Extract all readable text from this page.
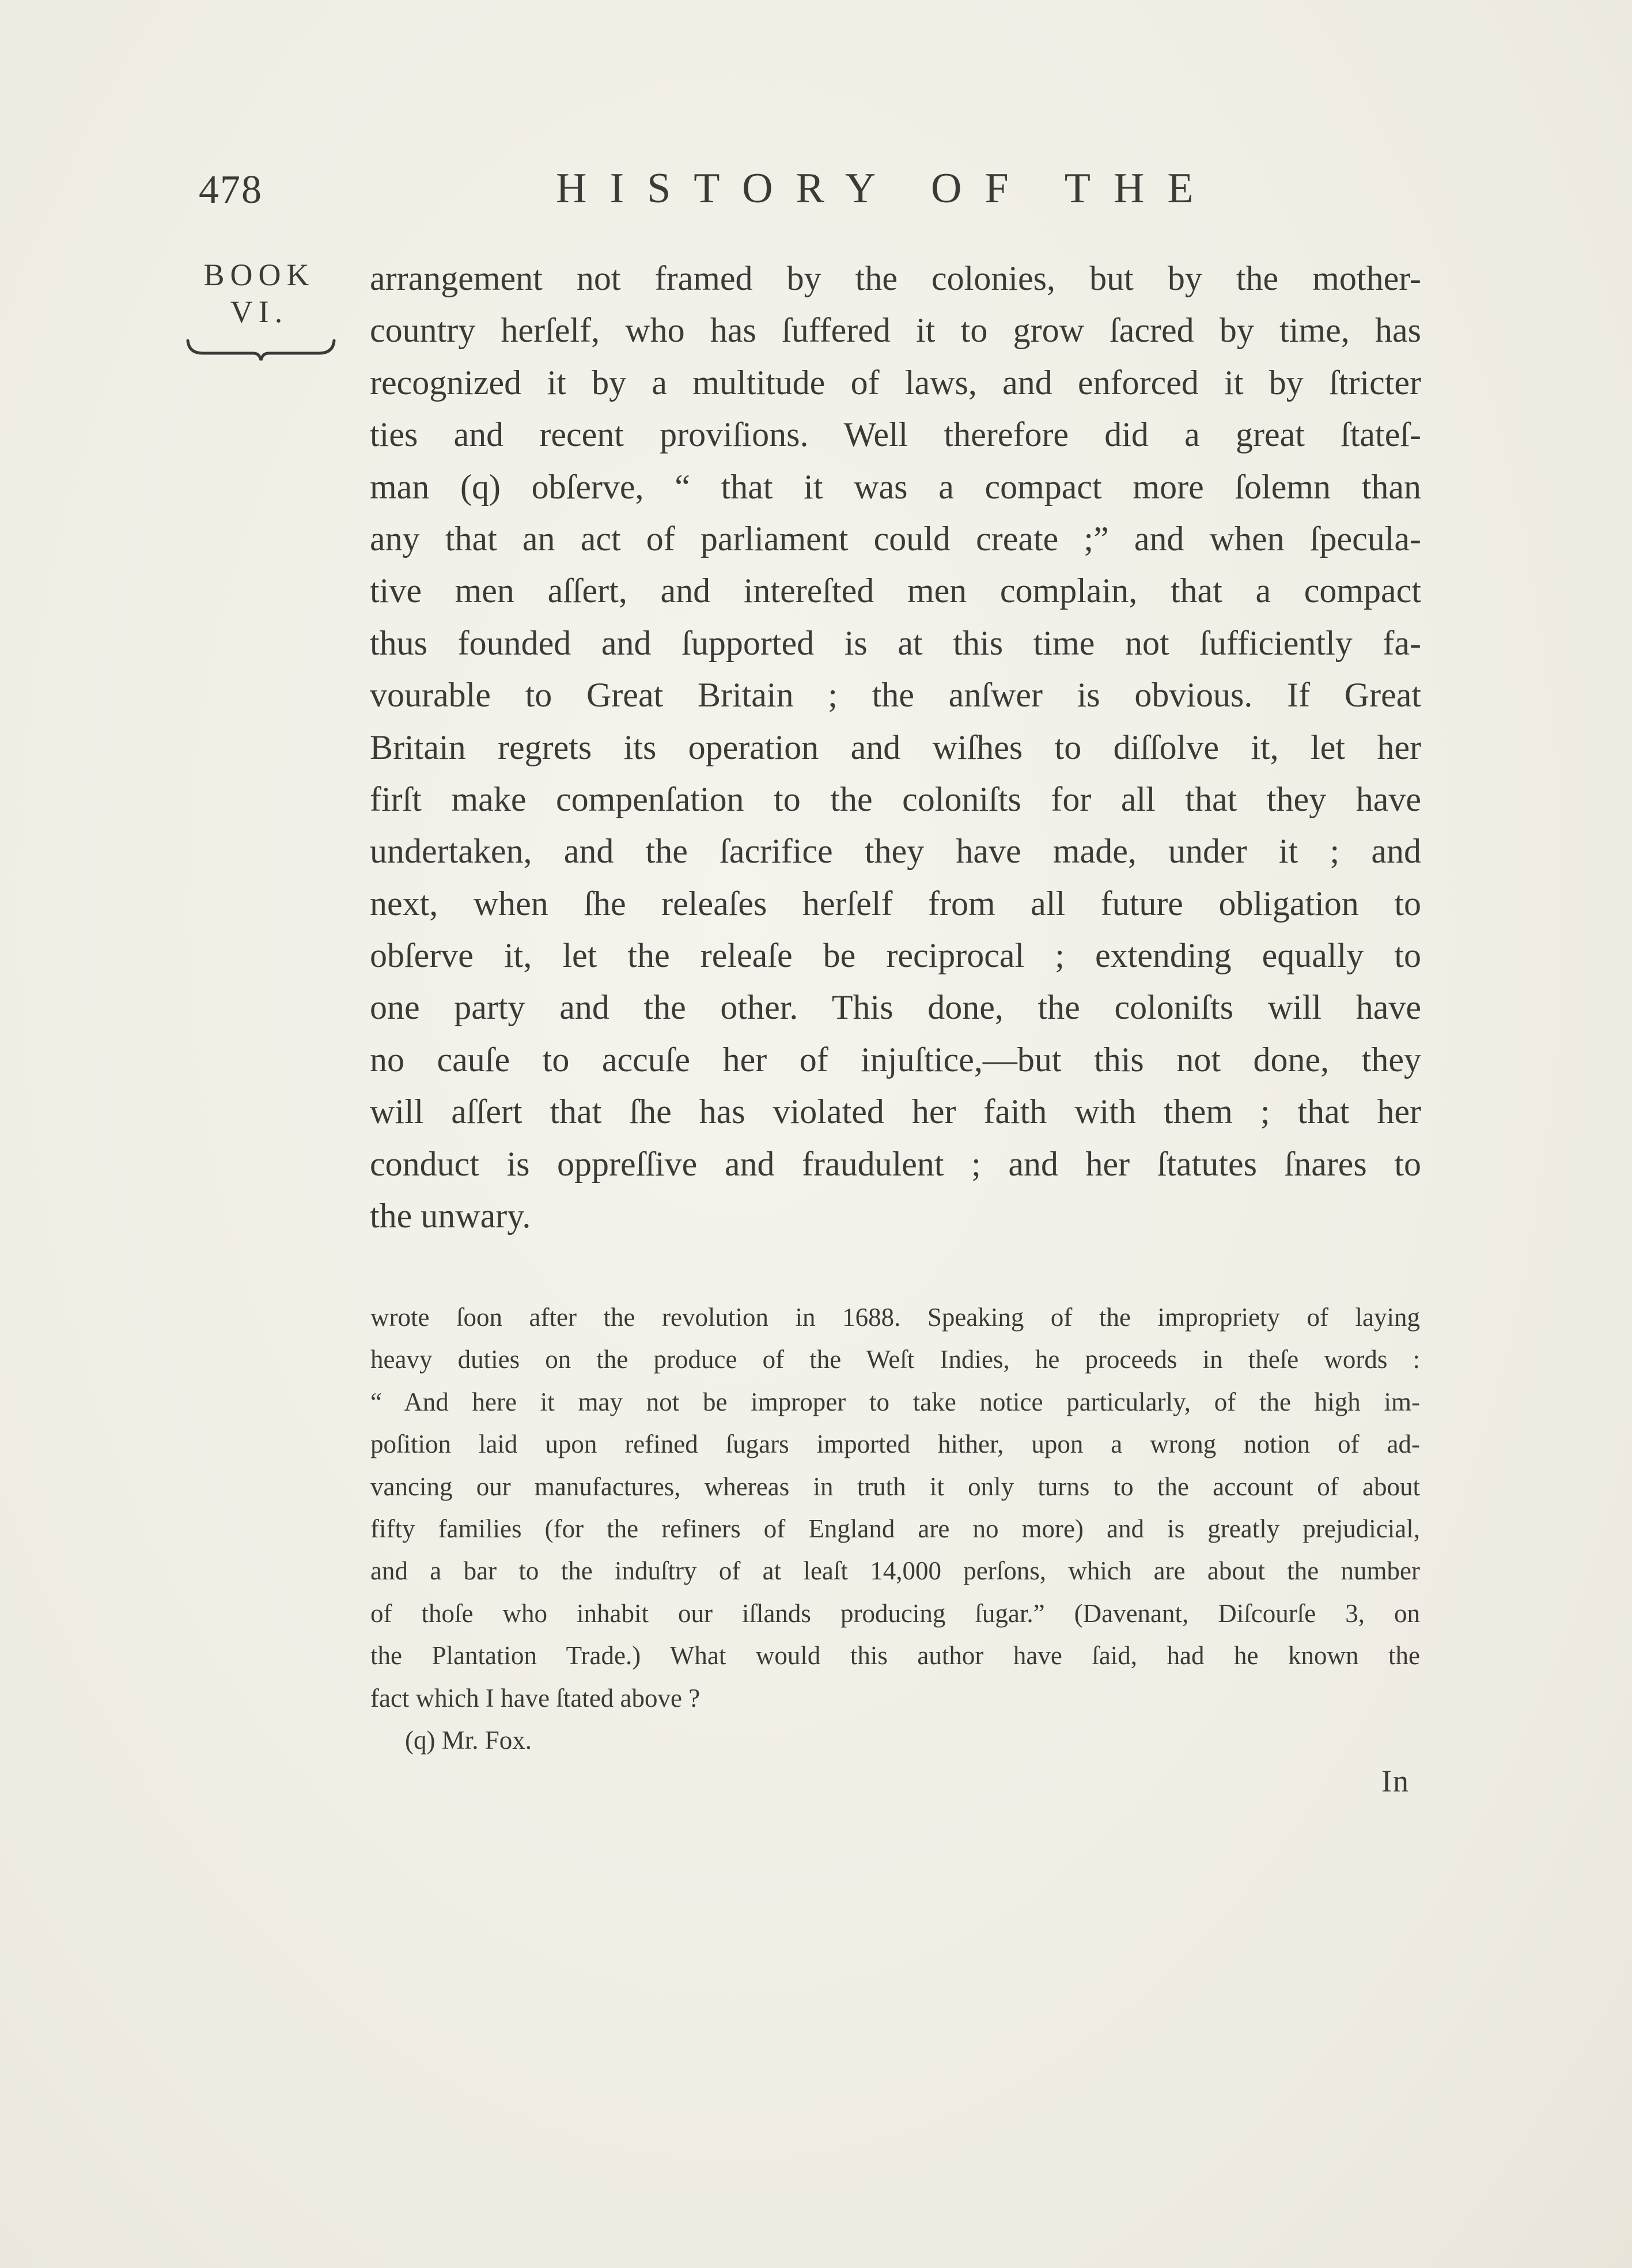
478	HISTORY OF THE
BOOK
VI.
arrangement not framed by the colonies, but by the mother-
country herſelf, who has ſuffered it to grow ſacred by time, has
recognized it by a multitude of laws, and enforced it by ſtricter
ties and recent proviſions. Well therefore did a great ſtateſ-
man (q) obſerve, “ that it was a compact more ſolemn than
any that an act of parliament could create ;” and when ſpecula-
tive men aſſert, and intereſted men complain, that a compact
thus founded and ſupported is at this time not ſufficiently fa-
vourable to Great Britain ; the anſwer is obvious. If Great
Britain regrets its operation and wiſhes to diſſolve it, let her
firſt make compenſation to the coloniſts for all that they have
undertaken, and the ſacrifice they have made, under it ; and
next, when ſhe releaſes herſelf from all future obligation to
obſerve it, let the releaſe be reciprocal ; extending equally to
one party and the other. This done, the coloniſts will have
no cauſe to accuſe her of injuſtice,—but this not done, they
will aſſert that ſhe has violated her faith with them ; that her
conduct is oppreſſive and fraudulent ; and her ſtatutes ſnares to
the unwary.
wrote ſoon after the revolution in 1688. Speaking of the impropriety of laying
heavy duties on the produce of the Weſt Indies, he proceeds in theſe words :
“ And here it may not be improper to take notice particularly, of the high im-
poſition laid upon refined ſugars imported hither, upon a wrong notion of ad-
vancing our manufactures, whereas in truth it only turns to the account of about
fifty families (for the refiners of England are no more) and is greatly prejudicial,
and a bar to the induſtry of at leaſt 14,000 perſons, which are about the number
of thoſe who inhabit our iſlands producing ſugar.” (Davenant, Diſcourſe 3, on
the Plantation Trade.) What would this author have ſaid, had he known the
fact which I have ſtated above ?
(q) Mr. Fox.
In
